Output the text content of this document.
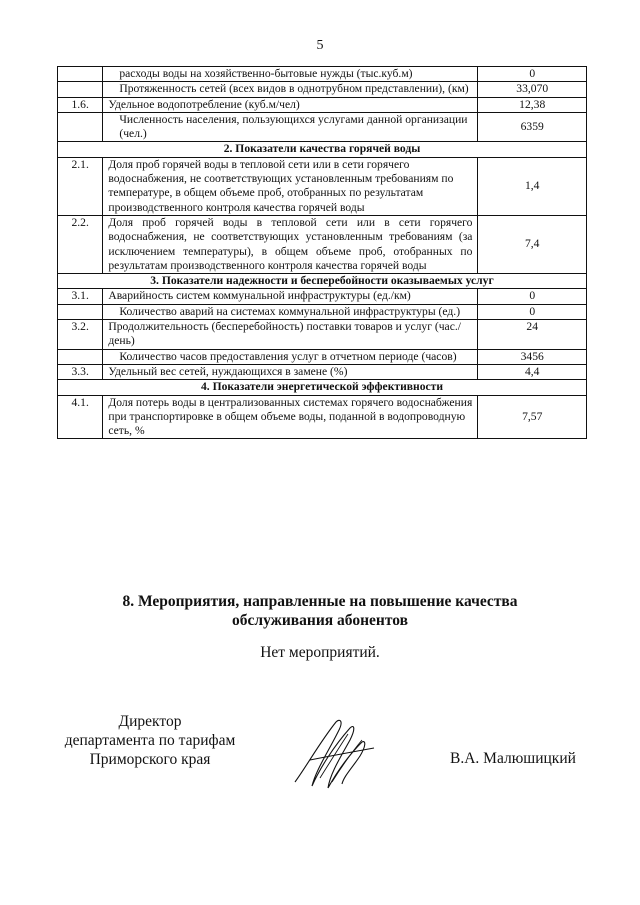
5
	расходы воды на хозяйственно-бытовые нужды (тыс.куб.м)	0
	Протяженность сетей (всех видов в однотрубном представлении), (км)	33,070
1.6.	Удельное водопотребление (куб.м/чел)	12,38
	Численность населения, пользующихся услугами данной организации (чел.)	6359
2. Показатели качества горячей воды		
2.1.	Доля проб горячей воды в тепловой сети или в сети горячего водоснабжения, не соответствующих установленным требованиям по температуре, в общем объеме проб, отобранных по результатам производственного контроля качества горячей воды	1,4
2.2.	Доля проб горячей воды в тепловой сети или в сети горячего водоснабжения, не соответствующих установленным требованиям (за исключением температуры), в общем объеме проб, отобранных по результатам производственного контроля качества горячей воды	7,4
3. Показатели надежности и бесперебойности оказываемых услуг		
3.1.	Аварийность систем коммунальной инфраструктуры (ед./км)	0
	Количество аварий на системах коммунальной инфраструктуры (ед.)	0
3.2.	Продолжительность (бесперебойность) поставки товаров и услуг (час./день)	24
	Количество часов предоставления услуг в отчетном периоде (часов)	3456
3.3.	Удельный вес сетей, нуждающихся в замене (%)	4,4
4. Показатели энергетической эффективности		
4.1.	Доля потерь воды в централизованных системах горячего водоснабжения при транспортировке в общем объеме воды, поданной в водопроводную сеть, %	7,57
8. Мероприятия, направленные на повышение качества
обслуживания абонентов
Нет мероприятий.
Директор
департамента по тарифам
Приморского края	В.А. Малюшицкий
